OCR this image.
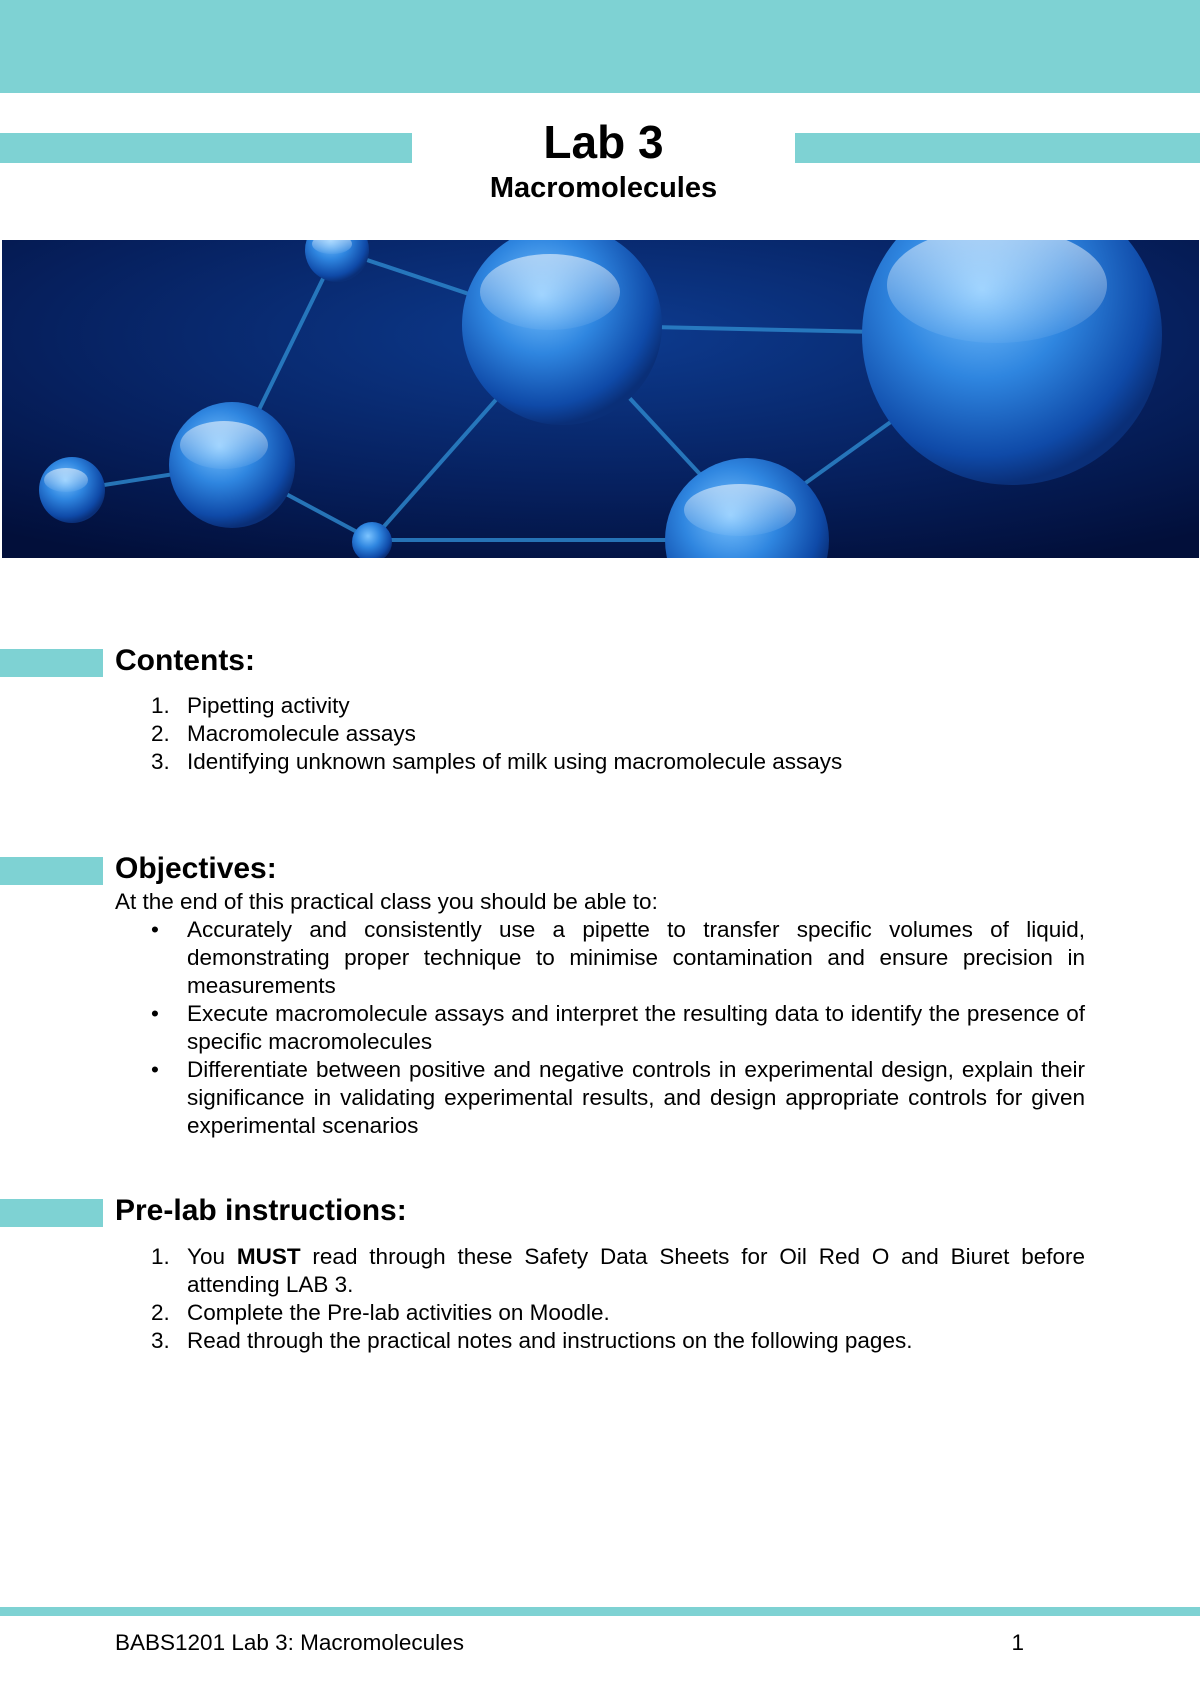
Lab 3
Macromolecules
Contents:
1. Pipetting activity
2. Macromolecule assays
3. Identifying unknown samples of milk using macromolecule assays
Objectives:
At the end of this practical class you should be able to:
•	Accurately and consistently use a pipette to transfer specific volumes of liquid, demonstrating proper technique to minimise contamination and ensure precision in measurements
•	Execute macromolecule assays and interpret the resulting data to identify the presence of specific macromolecules
•	Differentiate between positive and negative controls in experimental design, explain their significance in validating experimental results, and design appropriate controls for given experimental scenarios
Pre-lab instructions:
1. You MUST read through these Safety Data Sheets for Oil Red O and Biuret before attending LAB 3.
2. Complete the Pre-lab activities on Moodle.
3. Read through the practical notes and instructions on the following pages.
BABS1201 Lab 3: Macromolecules	1
